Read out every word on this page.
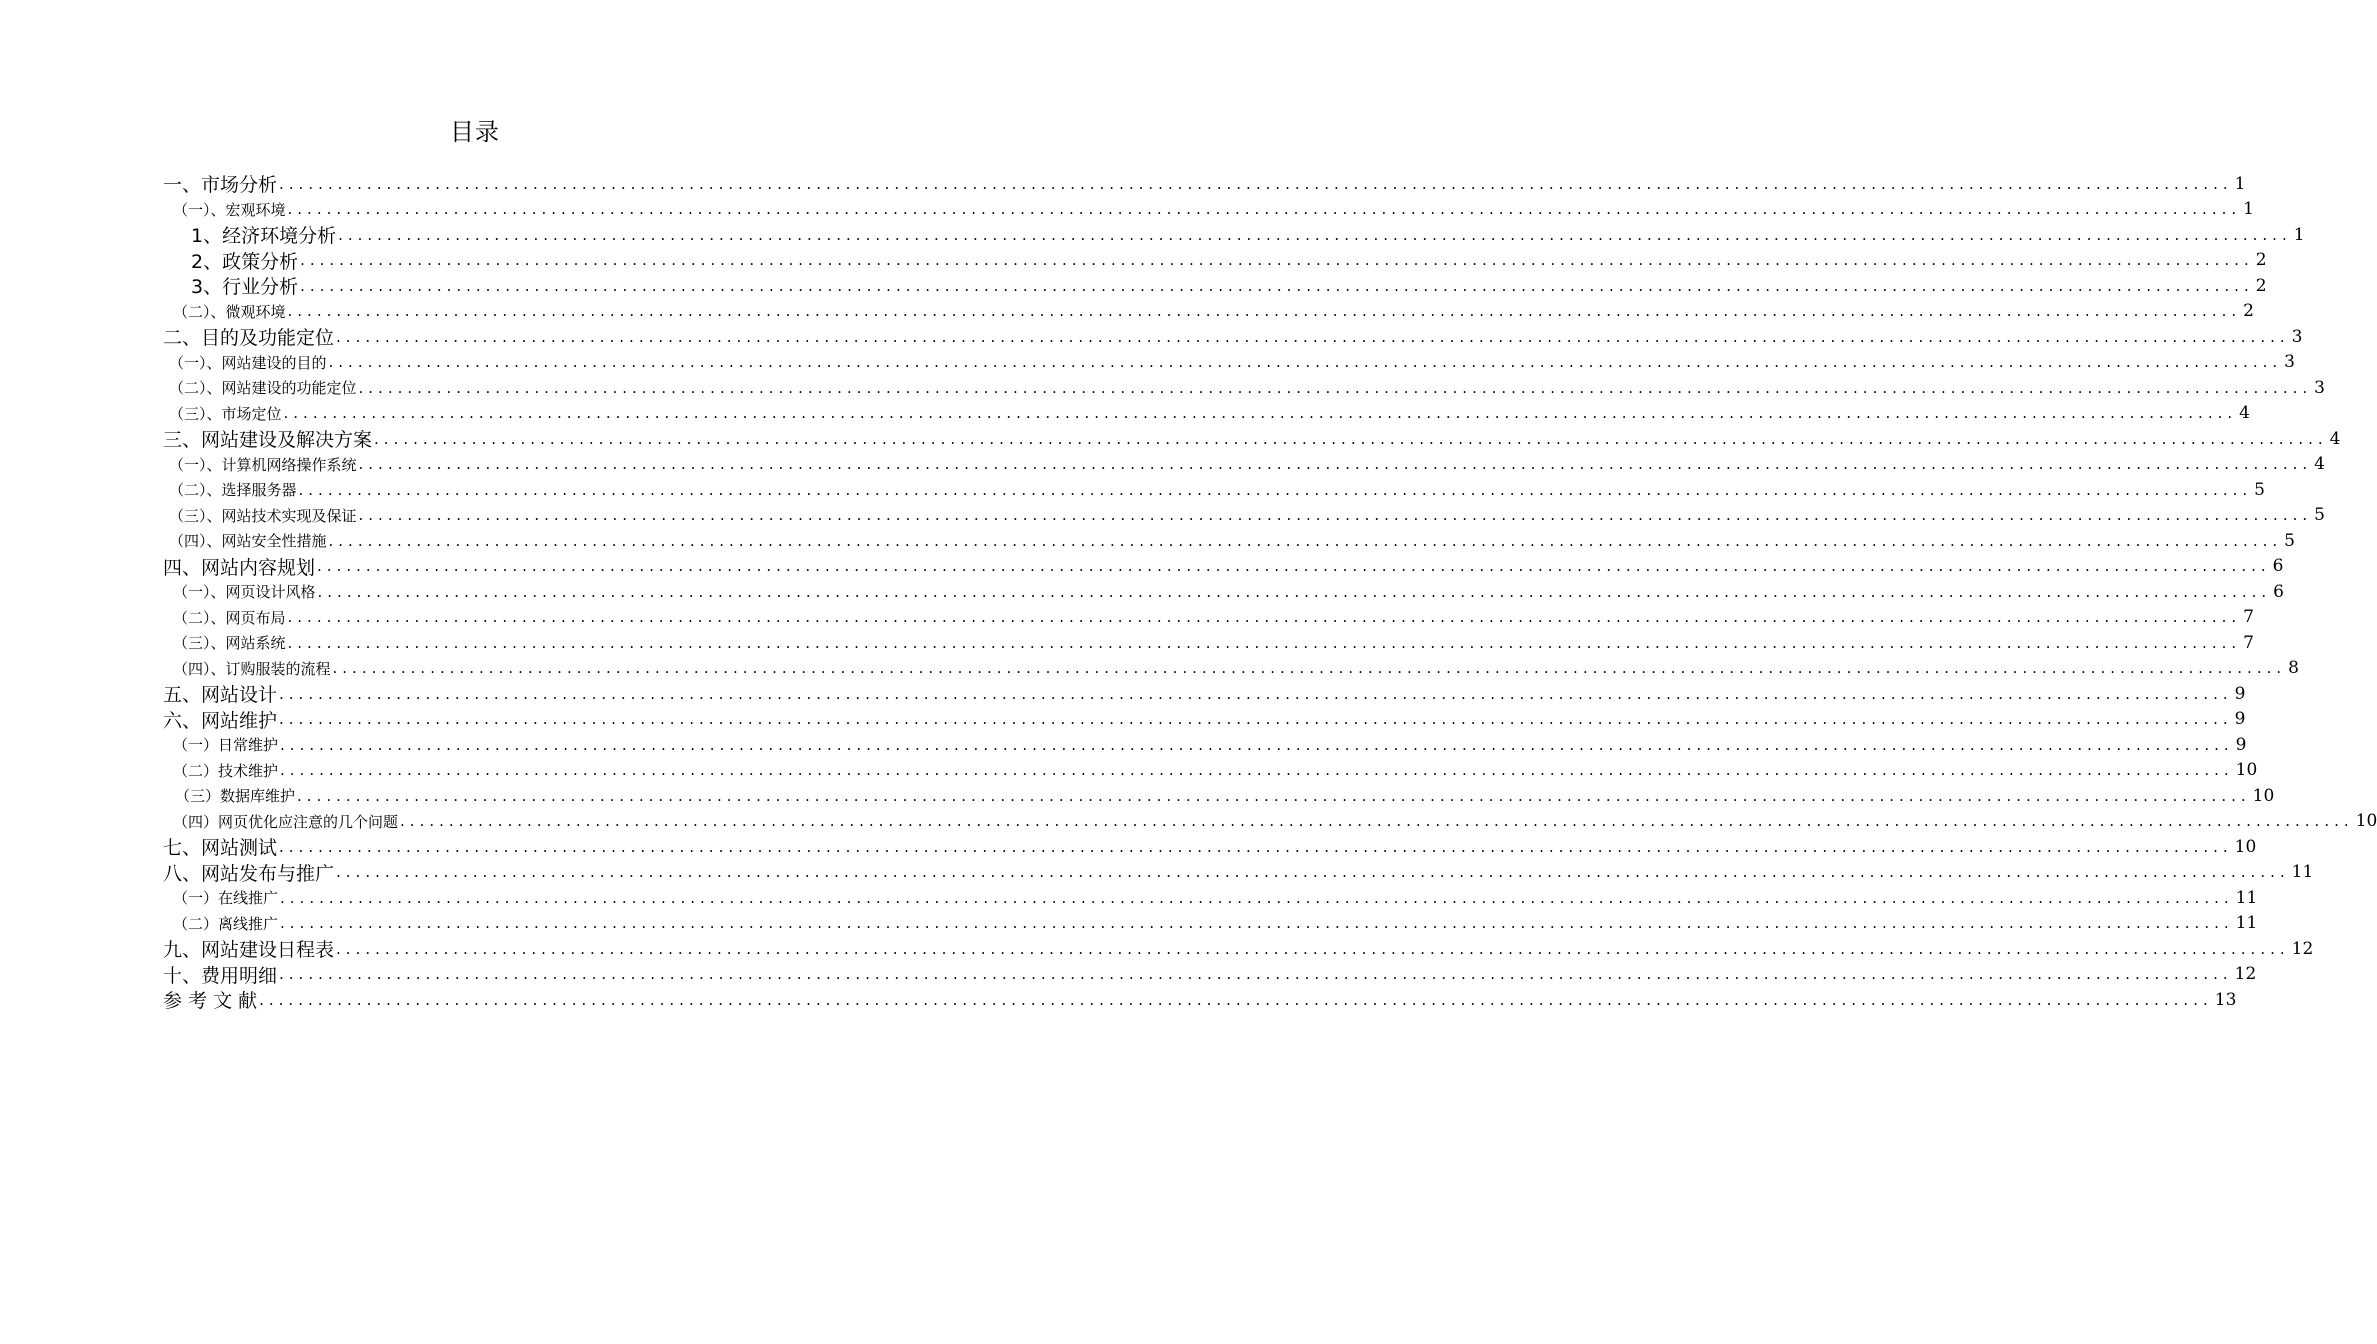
目录
一、市场分析 ........................................................................................................................................................................................................ 1
（一）、宏观环境 ........................................................................................................................................................................................................ 1
1、经济环境分析 ........................................................................................................................................................................................................ 1
2、政策分析 ........................................................................................................................................................................................................ 2
3、行业分析 ........................................................................................................................................................................................................ 2
（二）、微观环境 ........................................................................................................................................................................................................ 2
二、目的及功能定位 ........................................................................................................................................................................................................ 3
（一）、网站建设的目的 ........................................................................................................................................................................................................ 3
（二）、网站建设的功能定位 ........................................................................................................................................................................................................ 3
（三）、市场定位 ........................................................................................................................................................................................................ 4
三、网站建设及解决方案 ........................................................................................................................................................................................................ 4
（一）、计算机网络操作系统 ........................................................................................................................................................................................................ 4
（二）、选择服务器 ........................................................................................................................................................................................................ 5
（三）、网站技术实现及保证 ........................................................................................................................................................................................................ 5
（四）、网站安全性措施 ........................................................................................................................................................................................................ 5
四、网站内容规划 ........................................................................................................................................................................................................ 6
（一）、网页设计风格 ........................................................................................................................................................................................................ 6
（二）、网页布局 ........................................................................................................................................................................................................ 7
（三）、网站系统 ........................................................................................................................................................................................................ 7
（四）、订购服装的流程 ........................................................................................................................................................................................................ 8
五、网站设计 ........................................................................................................................................................................................................ 9
六、网站维护 ........................................................................................................................................................................................................ 9
（一）日常维护 ........................................................................................................................................................................................................ 9
（二）技术维护 ........................................................................................................................................................................................................ 10
（三）数据库维护 ........................................................................................................................................................................................................ 10
（四）网页优化应注意的几个问题 ........................................................................................................................................................................................................ 10
七、网站测试 ........................................................................................................................................................................................................ 10
八、网站发布与推广 ........................................................................................................................................................................................................ 11
（一）在线推广 ........................................................................................................................................................................................................ 11
（二）离线推广 ........................................................................................................................................................................................................ 11
九、网站建设日程表 ........................................................................................................................................................................................................ 12
十、费用明细 ........................................................................................................................................................................................................ 12
参 考 文 献 ........................................................................................................................................................................................................ 13
